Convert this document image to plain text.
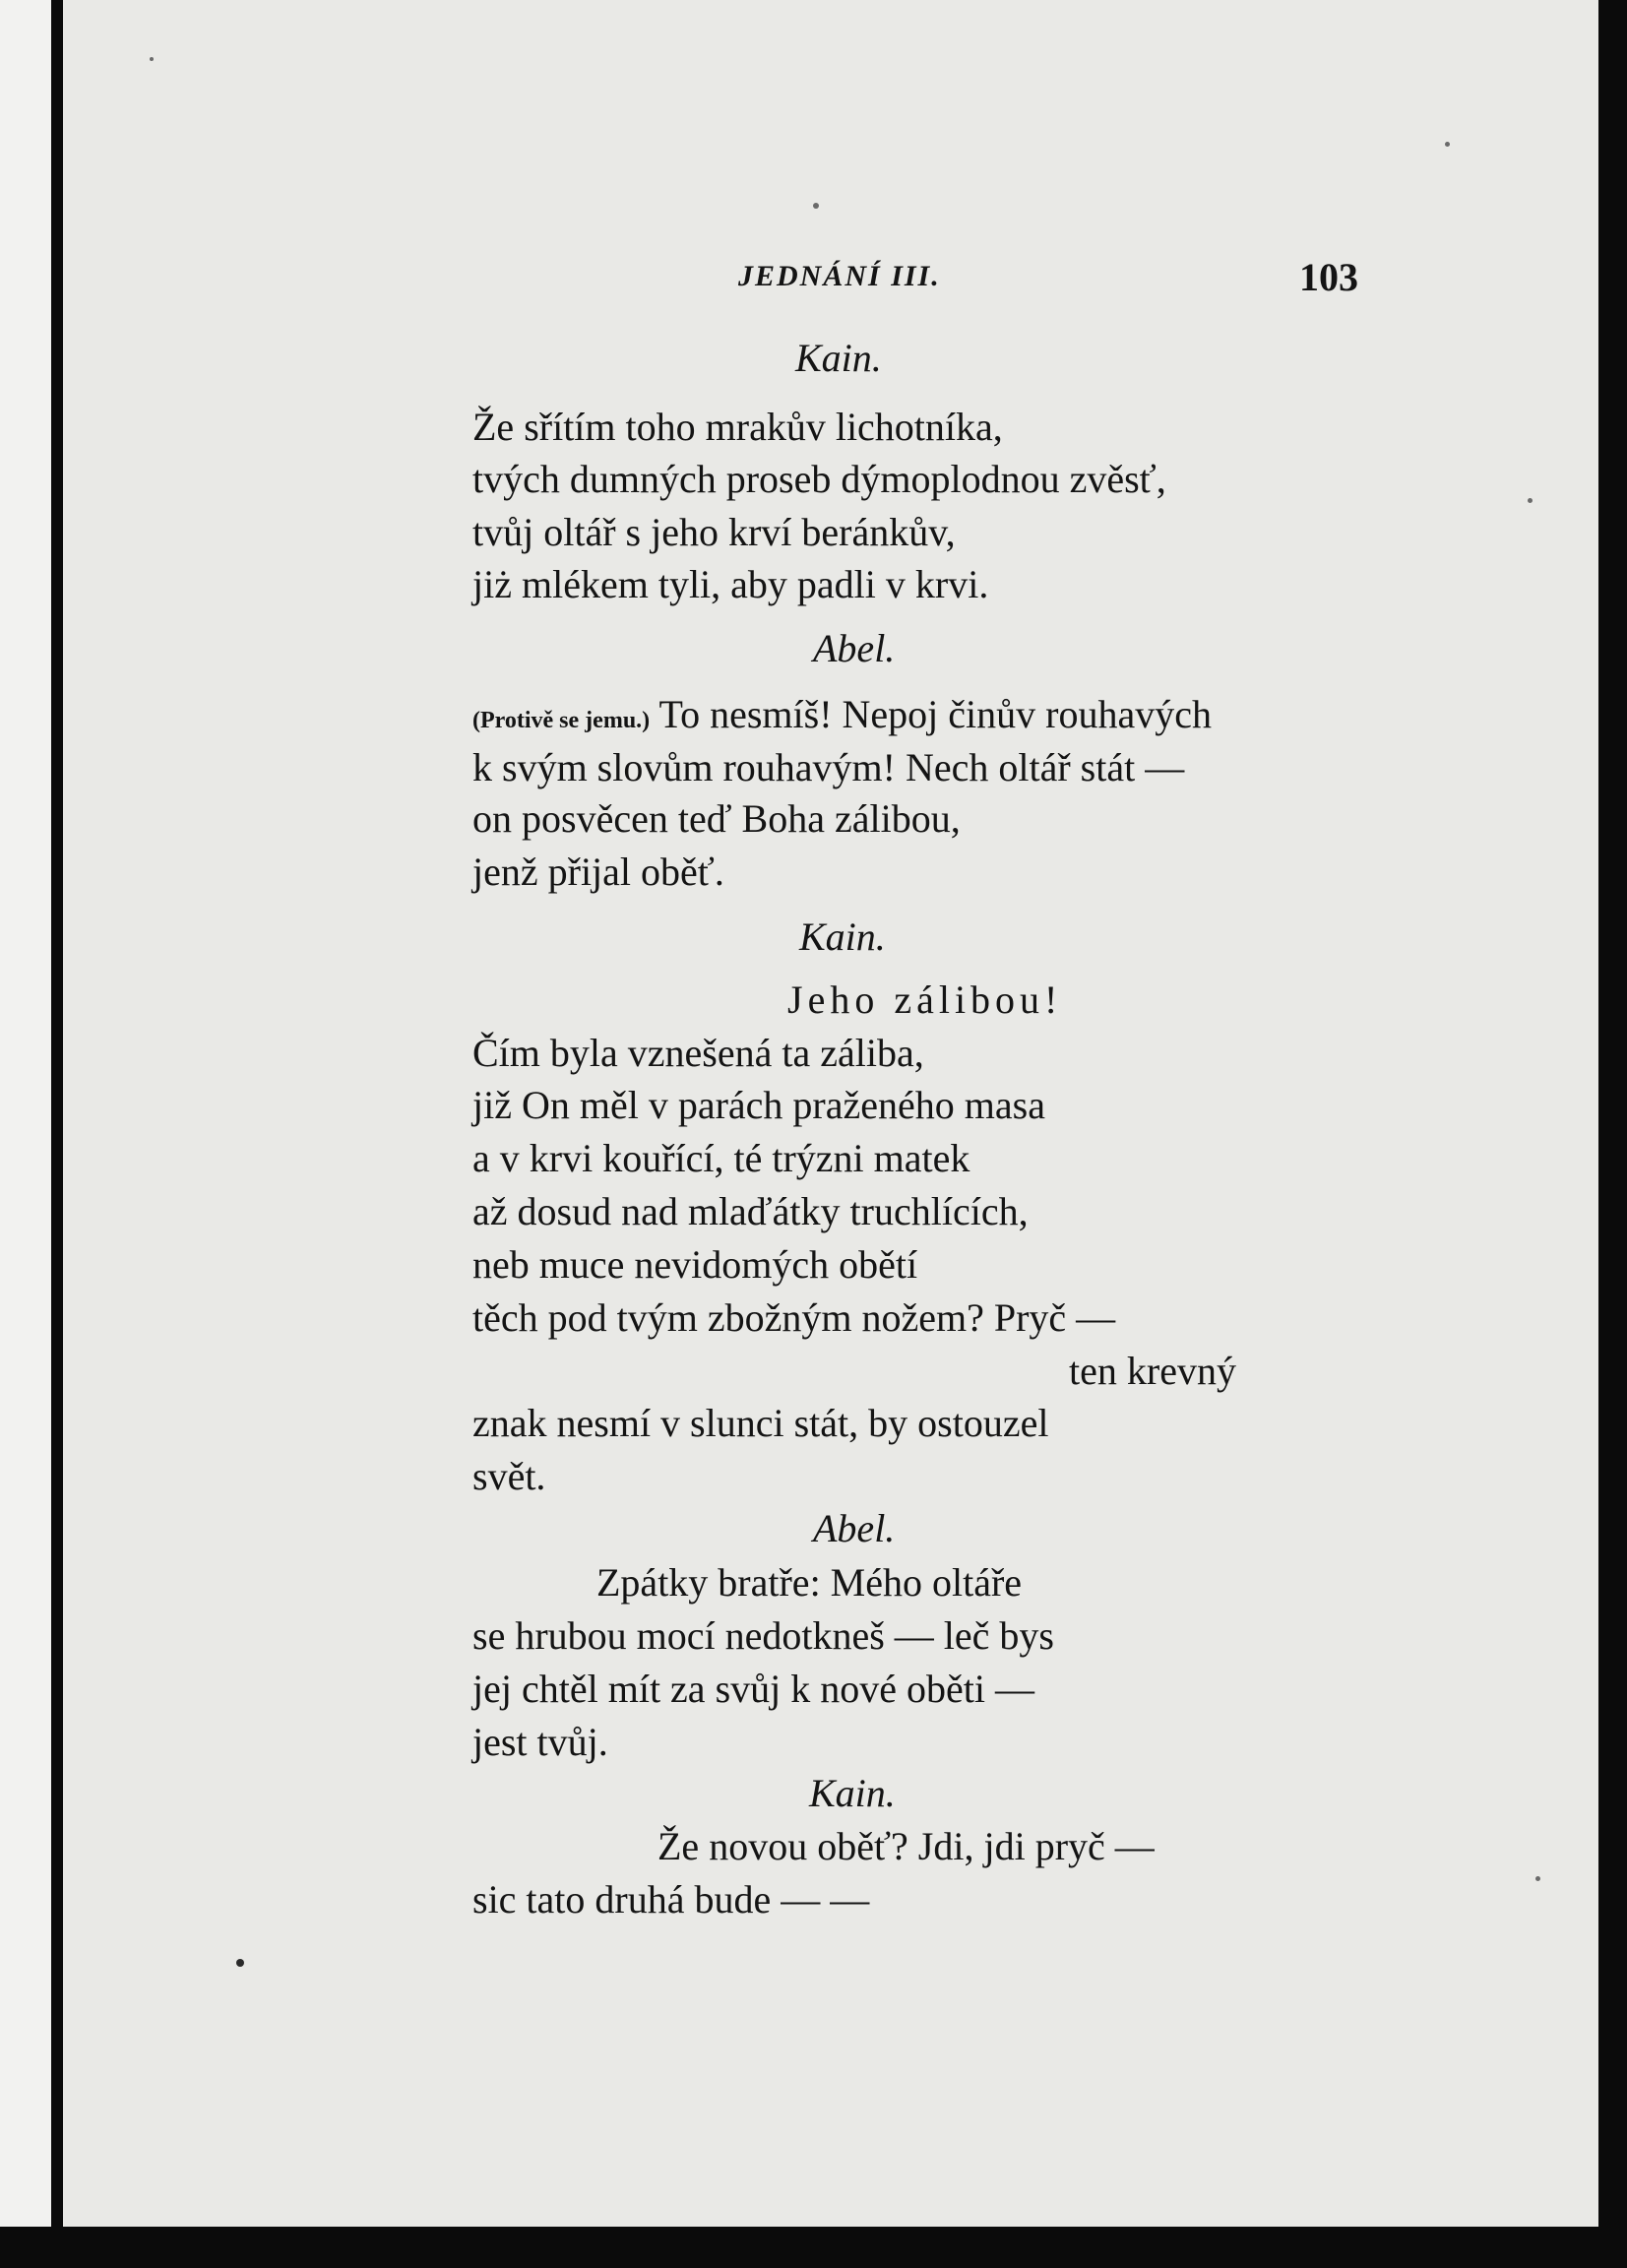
JEDNÁNÍ III.	103
Kain.
Že sřítím toho mrakův lichotníka,
tvých dumných proseb dýmoplodnou zvěsť,
tvůj oltář s jeho krví beránkův,
jiż mlékem tyli, aby padli v krvi.
Abel.
(Protivě se jemu.) To nesmíš! Nepoj činův rouhavých
k svým slovům rouhavým! Nech oltář stát —
on posvěcen teď Boha zálibou,
jenž přijal oběť.
Kain.
Jeho zálibou!
Čím byla vznešená ta záliba,
již On měl v parách praženého masa
a v krvi kouřící, té trýzni matek
až dosud nad mlaďátky truchlících,
neb muce nevidomých obětí
těch pod tvým zbožným nožem? Pryč —
ten krevný
znak nesmí v slunci stát, by ostouzel
svět.
Abel.
Zpátky bratře: Mého oltáře
se hrubou mocí nedotkneš — leč bys
jej chtěl mít za svůj k nové oběti —
jest tvůj.
Kain.
Že novou oběť? Jdi, jdi pryč —
sic tato druhá bude — —
